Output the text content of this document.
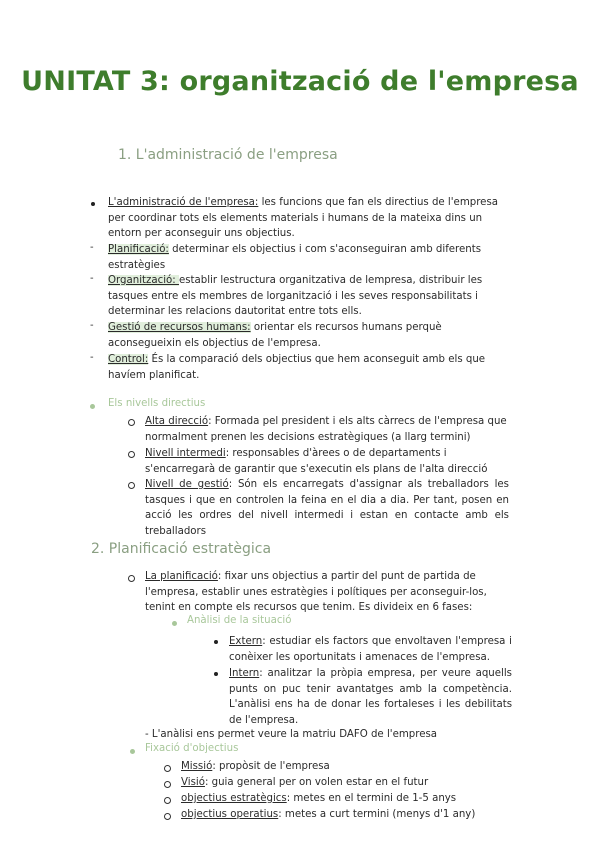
UNITAT 3: organització de l'empresa
1. L'administració de l'empresa
L'administració de l'empresa: les funcions que fan els directius de l'empresa per coordinar tots els elements materials i humans de la mateixa dins un entorn per aconseguir uns objectius.
- Planificació: determinar els objectius i com s'aconseguiran amb diferents estratègies
- Organització: establir lestructura organitzativa de lempresa, distribuir les tasques entre els membres de lorganització i les seves responsabilitats i determinar les relacions dautoritat entre tots ells.
- Gestió de recursos humans: orientar els recursos humans perquè aconsegueixin els objectius de l'empresa.
- Control: És la comparació dels objectius que hem aconseguit amb els que havíem planificat.
Els nivells directius
Alta direcció: Formada pel president i els alts càrrecs de l'empresa que normalment prenen les decisions estratègiques (a llarg termini)
Nivell intermedi: responsables d'àrees o de departaments i s'encarregarà de garantir que s'executin els plans de l'alta direcció
Nivell de gestió: Són els encarregats d'assignar als treballadors les tasques i que en controlen la feina en el dia a dia. Per tant, posen en acció les ordres del nivell intermedi i estan en contacte amb els treballadors
2. Planificació estratègica
La planificació: fixar uns objectius a partir del punt de partida de l'empresa, establir unes estratègies i polítiques per aconseguir-los, tenint en compte els recursos que tenim. Es divideix en 6 fases:
Anàlisi de la situació
Extern: estudiar els factors que envoltaven l'empresa i conèixer les oportunitats i amenaces de l'empresa.
Intern: analitzar la pròpia empresa, per veure aquells punts on puc tenir avantatges amb la competència. L'anàlisi ens ha de donar les fortaleses i les debilitats de l'empresa.
- L'anàlisi ens permet veure la matriu DAFO de l'empresa
Fixació d'objectius
Missió: propòsit de l'empresa
Visió: guia general per on volen estar en el futur
objectius estratègics: metes en el termini de 1-5 anys
objectius operatius: metes a curt termini (menys d'1 any)
